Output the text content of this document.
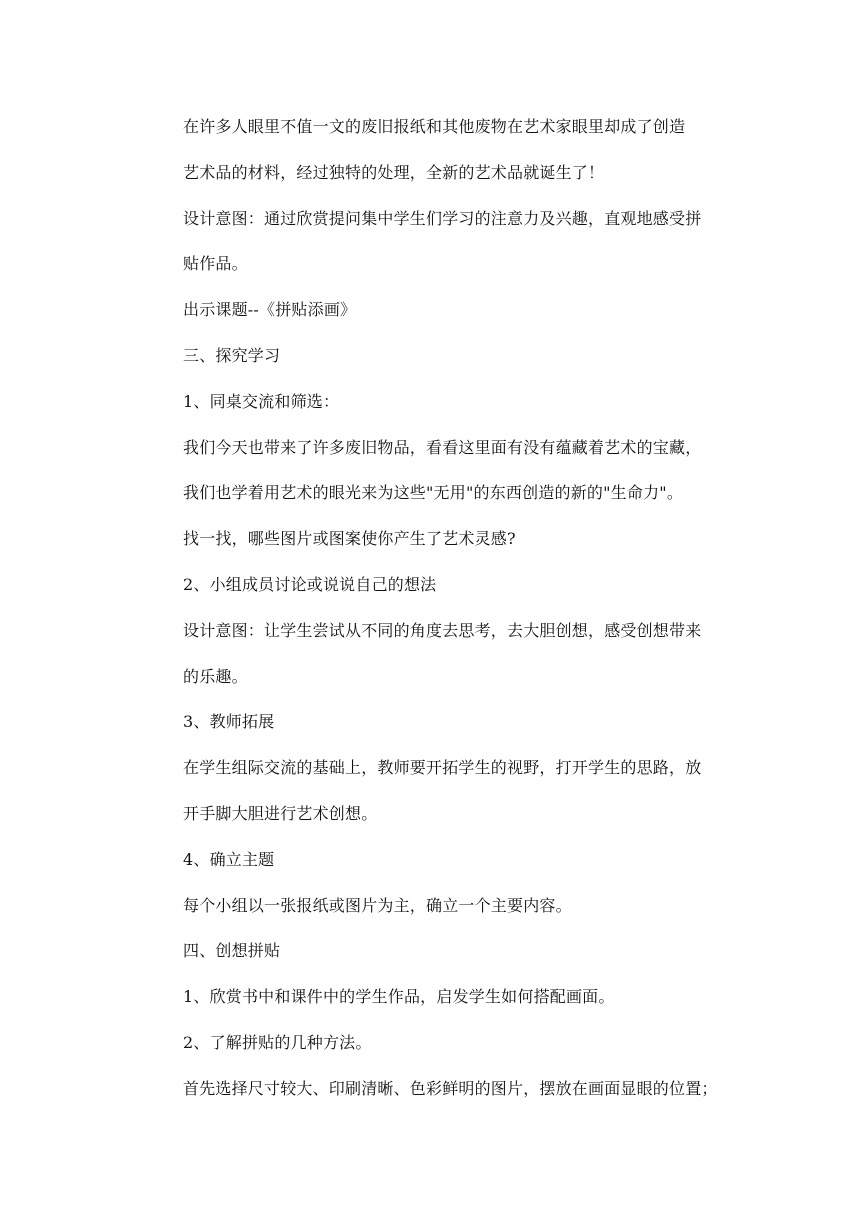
在许多人眼里不值一文的废旧报纸和其他废物在艺术家眼里却成了创造
艺术品的材料，经过独特的处理，全新的艺术品就诞生了！
设计意图：通过欣赏提问集中学生们学习的注意力及兴趣，直观地感受拼
贴作品。
出示课题--《拼贴添画》
三、探究学习
1、同桌交流和筛选：
我们今天也带来了许多废旧物品，看看这里面有没有蕴藏着艺术的宝藏，
我们也学着用艺术的眼光来为这些"无用"的东西创造的新的"生命力"。
找一找，哪些图片或图案使你产生了艺术灵感?
2、小组成员讨论或说说自己的想法
设计意图：让学生尝试从不同的角度去思考，去大胆创想，感受创想带来
的乐趣。
3、教师拓展
在学生组际交流的基础上，教师要开拓学生的视野，打开学生的思路，放
开手脚大胆进行艺术创想。
4、确立主题
每个小组以一张报纸或图片为主，确立一个主要内容。
四、创想拼贴
1、欣赏书中和课件中的学生作品，启发学生如何搭配画面。
2、了解拼贴的几种方法。
首先选择尺寸较大、印刷清晰、色彩鲜明的图片，摆放在画面显眼的位置；
